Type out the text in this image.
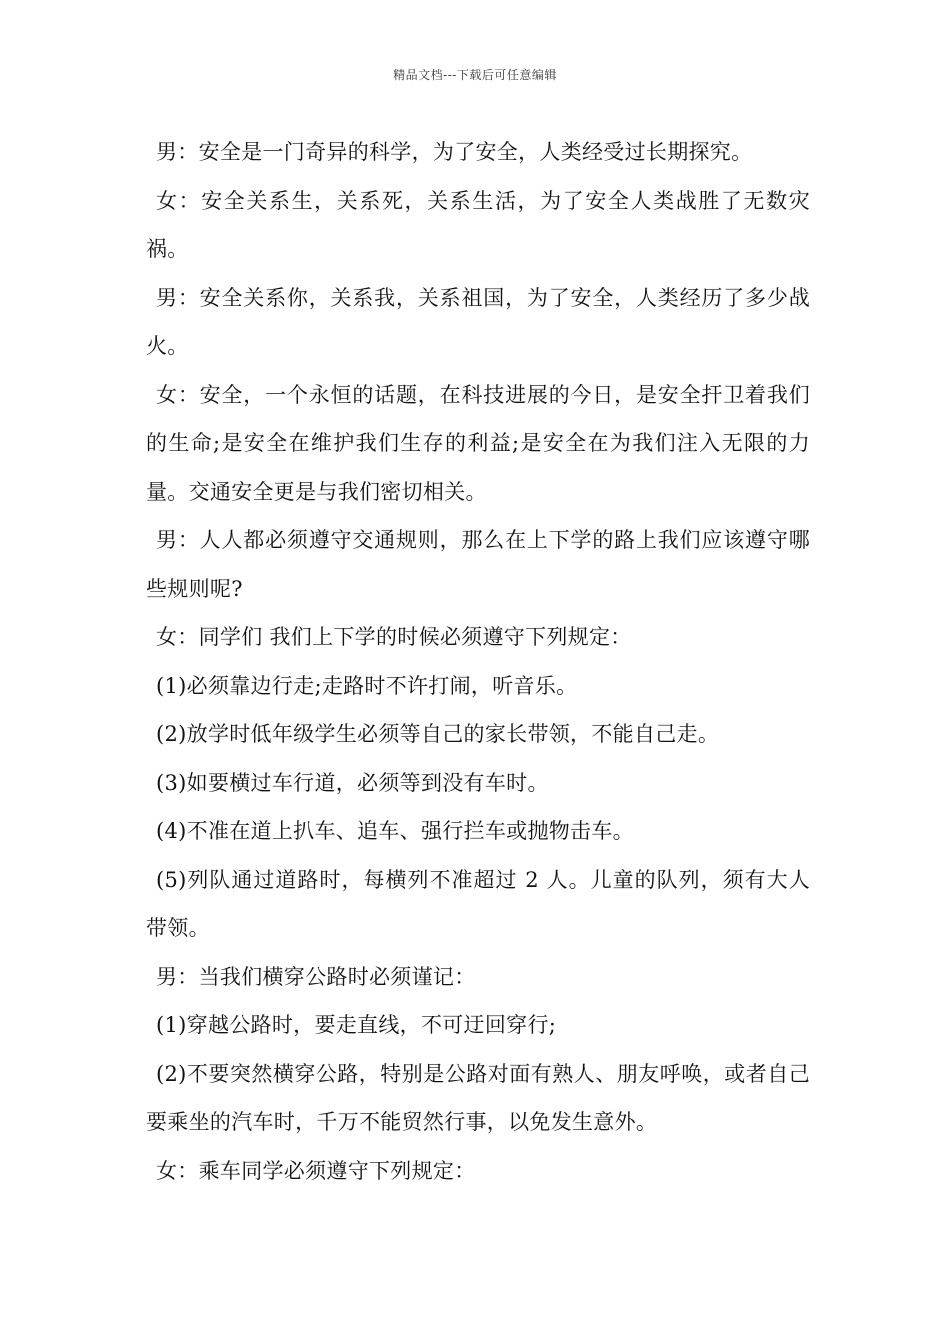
精品文档---下载后可任意编辑

男：安全是一门奇异的科学，为了安全，人类经受过长期探究。

女：安全关系生，关系死，关系生活，为了安全人类战胜了无数灾祸。

男：安全关系你，关系我，关系祖国，为了安全，人类经历了多少战火。

女：安全，一个永恒的话题，在科技进展的今日，是安全扞卫着我们的生命;是安全在维护我们生存的利益;是安全在为我们注入无限的力量。交通安全更是与我们密切相关。

男：人人都必须遵守交通规则，那么在上下学的路上我们应该遵守哪些规则呢?

女：同学们 我们上下学的时候必须遵守下列规定：

(1)必须靠边行走;走路时不许打闹，听音乐。

(2)放学时低年级学生必须等自己的家长带领，不能自己走。

(3)如要横过车行道，必须等到没有车时。

(4)不准在道上扒车、追车、强行拦车或抛物击车。

(5)列队通过道路时，每横列不准超过 2 人。儿童的队列，须有大人带领。

男：当我们横穿公路时必须谨记：

(1)穿越公路时，要走直线，不可迂回穿行;

(2)不要突然横穿公路，特别是公路对面有熟人、朋友呼唤，或者自己要乘坐的汽车时，千万不能贸然行事，以免发生意外。

女：乘车同学必须遵守下列规定：
